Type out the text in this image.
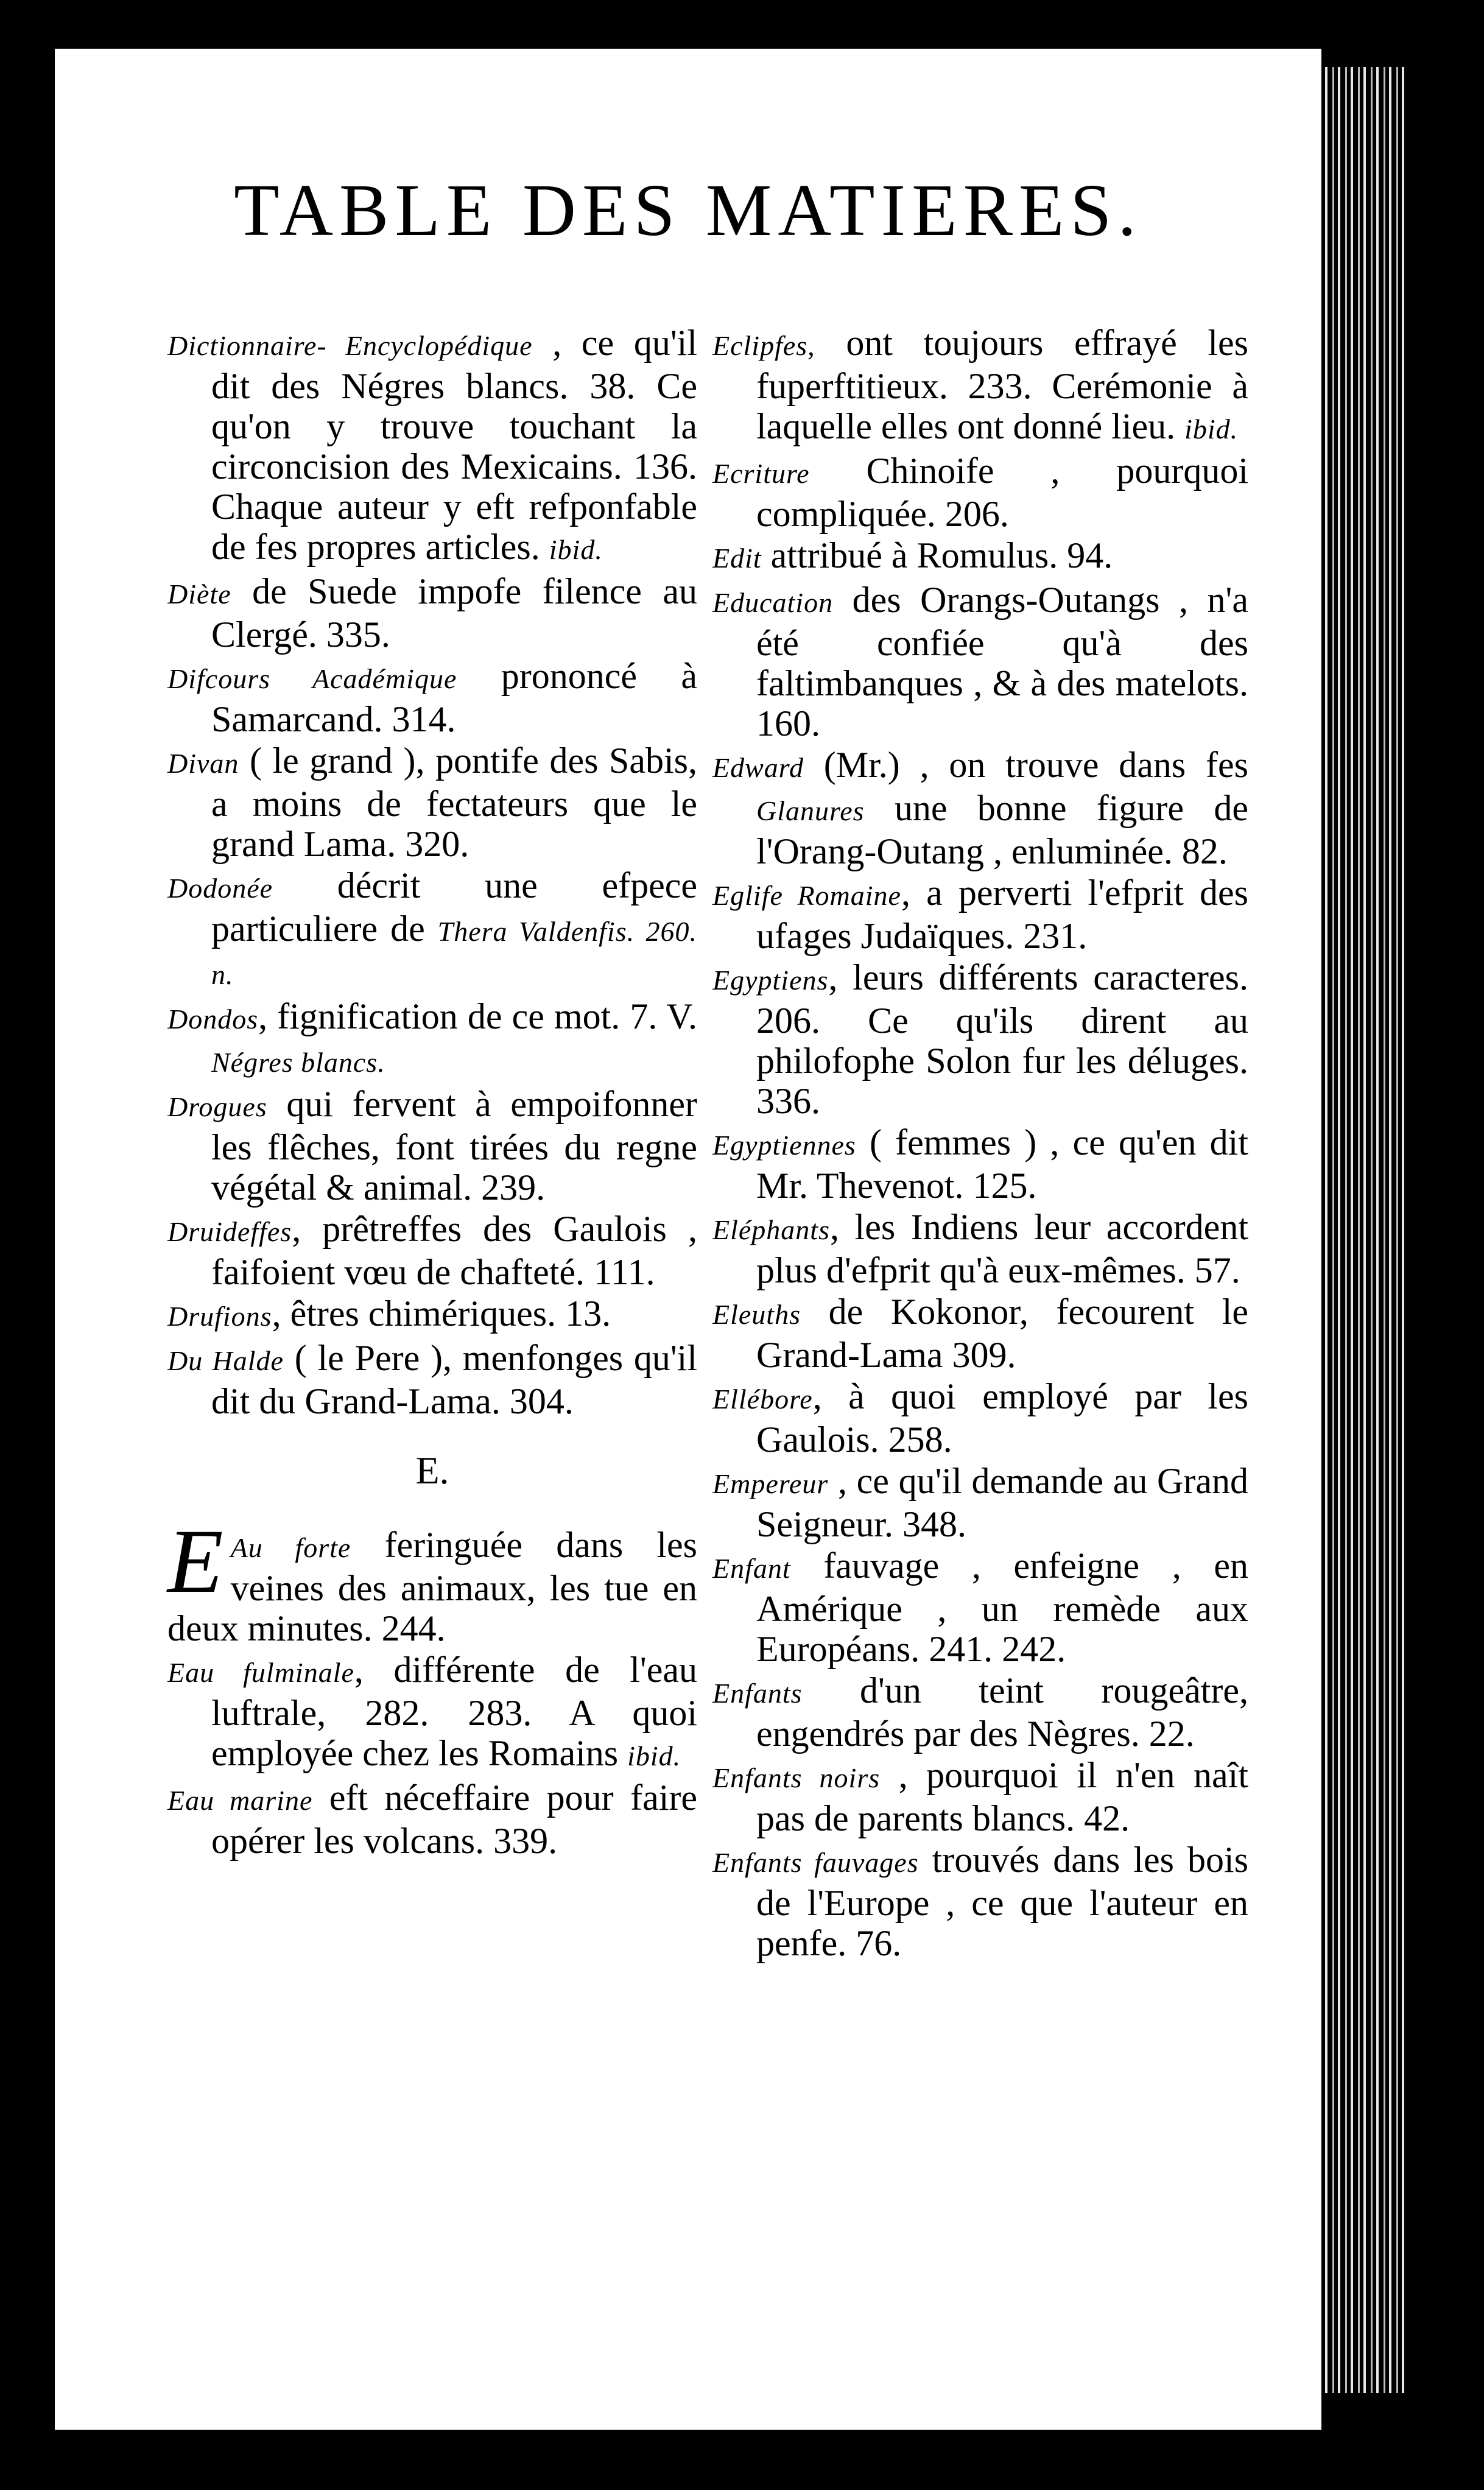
TABLE DES MATIERES.

Dictionnaire- Encyclopédique , ce qu'il dit des Négres blancs. 38. Ce qu'on y trouve touchant la circoncision des Mexicains. 136. Chaque auteur y eft refponfable de fes propres articles. ibid.

Diète de Suede impofe filence au Clergé. 335.

Difcours Académique prononcé à Samarcand. 314.

Divan ( le grand ), pontife des Sabis, a moins de fectateurs que le grand Lama. 320.

Dodonée décrit une efpece particuliere de Thera Valdenfis. 260. n.

Dondos, fignification de ce mot. 7. V. Négres blancs.

Drogues qui fervent à empoifonner les flêches, font tirées du regne végétal & animal. 239.

Druideffes, prêtreffes des Gaulois , faifoient vœu de chafteté. 111.

Drufions, êtres chimériques. 13.

Du Halde ( le Pere ), menfonges qu'il dit du Grand-Lama. 304.

E.

E Au forte feringuée dans les veines des animaux, les tue en deux minutes. 244.

Eau fulminale, différente de l'eau luftrale, 282. 283. A quoi employée chez les Romains ibid.

Eau marine eft néceffaire pour faire opérer les volcans. 339.

Eclipfes, ont toujours effrayé les fuperftitieux. 233. Cerémonie à laquelle elles ont donné lieu. ibid.

Ecriture Chinoife , pourquoi compliquée. 206.

Edit attribué à Romulus. 94.

Education des Orangs-Outangs , n'a été confiée qu'à des faltimbanques , & à des matelots. 160.

Edward (Mr.) , on trouve dans fes Glanures une bonne figure de l'Orang-Outang , enluminée. 82.

Eglife Romaine, a perverti l'efprit des ufages Judaïques. 231.

Egyptiens, leurs différents caracteres. 206. Ce qu'ils dirent au philofophe Solon fur les déluges. 336.

Egyptiennes ( femmes ) , ce qu'en dit Mr. Thevenot. 125.

Eléphants, les Indiens leur accordent plus d'efprit qu'à eux-mêmes. 57.

Eleuths de Kokonor, fecourent le Grand-Lama 309.

Ellébore, à quoi employé par les Gaulois. 258.

Empereur , ce qu'il demande au Grand Seigneur. 348.

Enfant fauvage , enfeigne , en Amérique , un remède aux Européans. 241. 242.

Enfants d'un teint rougeâtre, engendrés par des Nègres. 22.

Enfants noirs , pourquoi il n'en naît pas de parents blancs. 42.

Enfants fauvages trouvés dans les bois de l'Europe , ce que l'auteur en penfe. 76.
